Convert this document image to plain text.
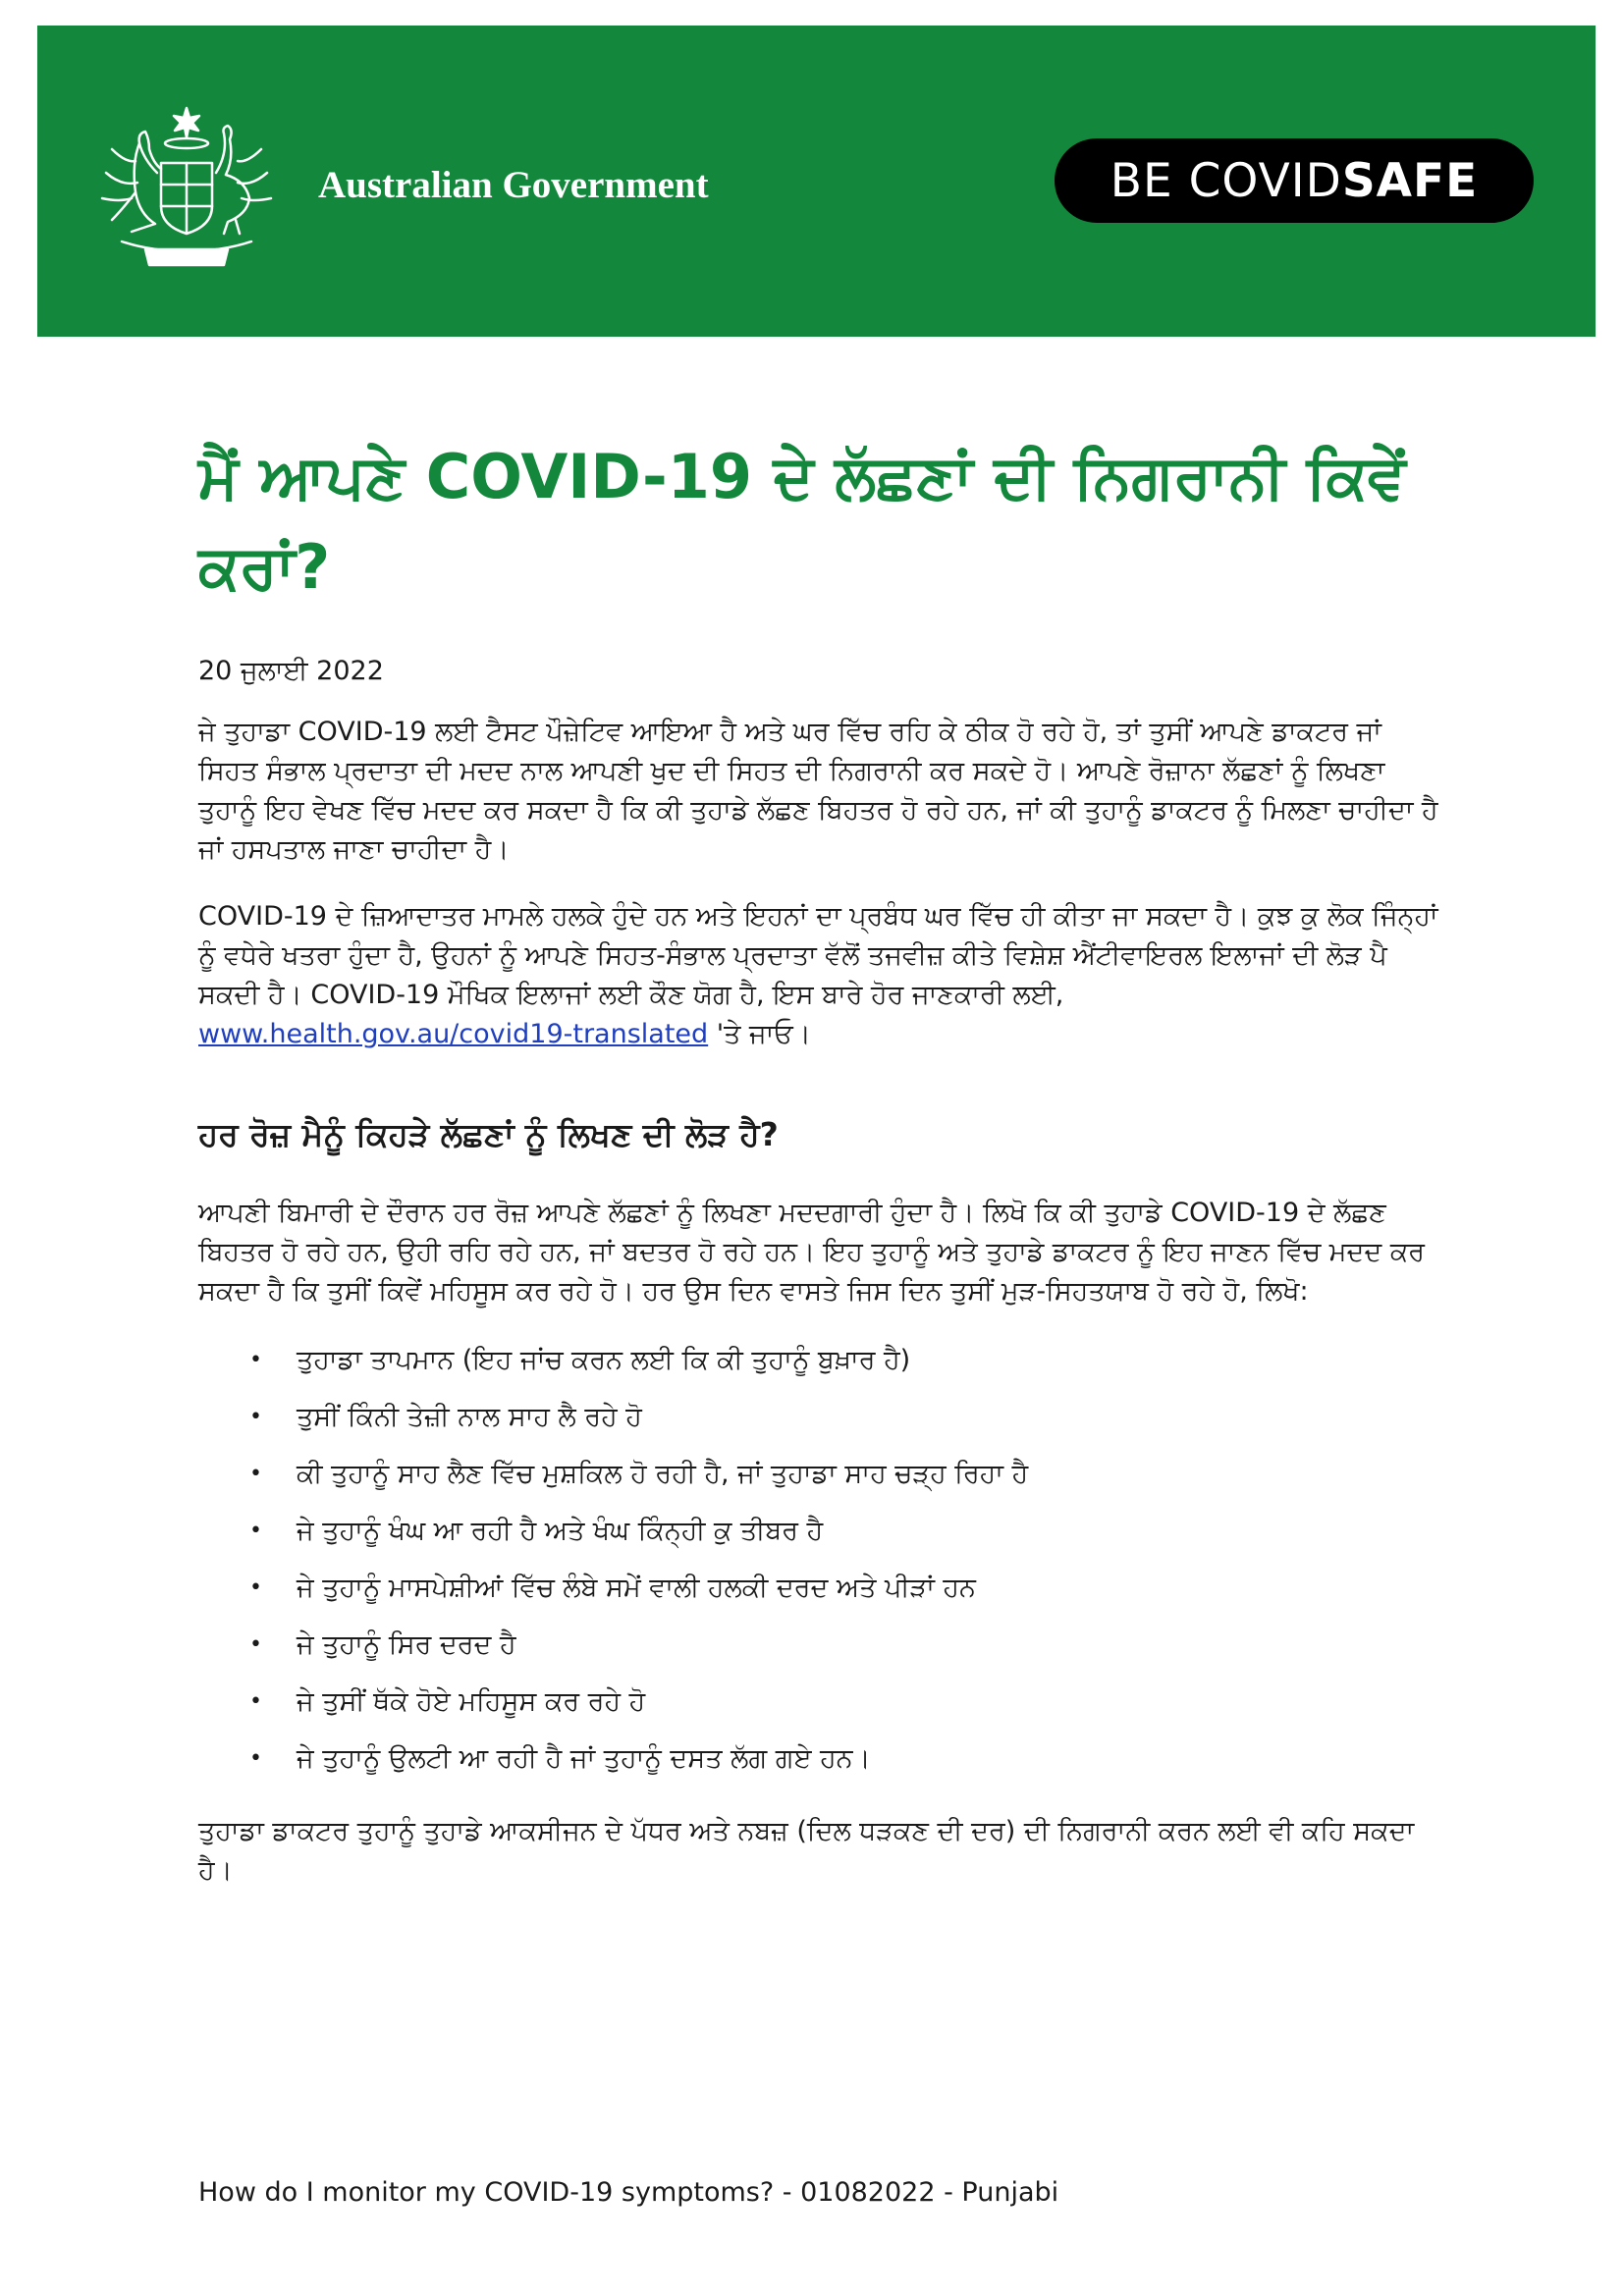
Australian Government	BE COVID SAFE
ਮੈਂ ਆਪਣੇ COVID-19 ਦੇ ਲੱਛਣਾਂ ਦੀ ਨਿਗਰਾਨੀ ਕਿਵੇਂ ਕਰਾਂ?
20 ਜੁਲਾਈ 2022

ਜੇ ਤੁਹਾਡਾ COVID-19 ਲਈ ਟੈਸਟ ਪੌਜ਼ੇਟਿਵ ਆਇਆ ਹੈ ਅਤੇ ਘਰ ਵਿੱਚ ਰਹਿ ਕੇ ਠੀਕ ਹੋ ਰਹੇ ਹੋ, ਤਾਂ ਤੁਸੀਂ ਆਪਣੇ ਡਾਕਟਰ ਜਾਂ ਸਿਹਤ ਸੰਭਾਲ ਪ੍ਰਦਾਤਾ ਦੀ ਮਦਦ ਨਾਲ ਆਪਣੀ ਖੁਦ ਦੀ ਸਿਹਤ ਦੀ ਨਿਗਰਾਨੀ ਕਰ ਸਕਦੇ ਹੋ। ਆਪਣੇ ਰੋਜ਼ਾਨਾ ਲੱਛਣਾਂ ਨੂੰ ਲਿਖਣਾ ਤੁਹਾਨੂੰ ਇਹ ਵੇਖਣ ਵਿੱਚ ਮਦਦ ਕਰ ਸਕਦਾ ਹੈ ਕਿ ਕੀ ਤੁਹਾਡੇ ਲੱਛਣ ਬਿਹਤਰ ਹੋ ਰਹੇ ਹਨ, ਜਾਂ ਕੀ ਤੁਹਾਨੂੰ ਡਾਕਟਰ ਨੂੰ ਮਿਲਣਾ ਚਾਹੀਦਾ ਹੈ ਜਾਂ ਹਸਪਤਾਲ ਜਾਣਾ ਚਾਹੀਦਾ ਹੈ।

COVID-19 ਦੇ ਜ਼ਿਆਦਾਤਰ ਮਾਮਲੇ ਹਲਕੇ ਹੁੰਦੇ ਹਨ ਅਤੇ ਇਹਨਾਂ ਦਾ ਪ੍ਰਬੰਧ ਘਰ ਵਿੱਚ ਹੀ ਕੀਤਾ ਜਾ ਸਕਦਾ ਹੈ। ਕੁਝ ਕੁ ਲੋਕ ਜਿੰਨ੍ਹਾਂ ਨੂੰ ਵਧੇਰੇ ਖਤਰਾ ਹੁੰਦਾ ਹੈ, ਉਹਨਾਂ ਨੂੰ ਆਪਣੇ ਸਿਹਤ-ਸੰਭਾਲ ਪ੍ਰਦਾਤਾ ਵੱਲੋਂ ਤਜਵੀਜ਼ ਕੀਤੇ ਵਿਸ਼ੇਸ਼ ਐਂਟੀਵਾਇਰਲ ਇਲਾਜਾਂ ਦੀ ਲੋੜ ਪੈ ਸਕਦੀ ਹੈ। COVID-19 ਮੌਖਿਕ ਇਲਾਜਾਂ ਲਈ ਕੌਣ ਯੋਗ ਹੈ, ਇਸ ਬਾਰੇ ਹੋਰ ਜਾਣਕਾਰੀ ਲਈ, www.health.gov.au/covid19-translated 'ਤੇ ਜਾਓ।

ਹਰ ਰੋਜ਼ ਮੈਨੂੰ ਕਿਹੜੇ ਲੱਛਣਾਂ ਨੂੰ ਲਿਖਣ ਦੀ ਲੋੜ ਹੈ?

ਆਪਣੀ ਬਿਮਾਰੀ ਦੇ ਦੌਰਾਨ ਹਰ ਰੋਜ਼ ਆਪਣੇ ਲੱਛਣਾਂ ਨੂੰ ਲਿਖਣਾ ਮਦਦਗਾਰੀ ਹੁੰਦਾ ਹੈ। ਲਿਖੋ ਕਿ ਕੀ ਤੁਹਾਡੇ COVID-19 ਦੇ ਲੱਛਣ ਬਿਹਤਰ ਹੋ ਰਹੇ ਹਨ, ਉਹੀ ਰਹਿ ਰਹੇ ਹਨ, ਜਾਂ ਬਦਤਰ ਹੋ ਰਹੇ ਹਨ। ਇਹ ਤੁਹਾਨੂੰ ਅਤੇ ਤੁਹਾਡੇ ਡਾਕਟਰ ਨੂੰ ਇਹ ਜਾਣਨ ਵਿੱਚ ਮਦਦ ਕਰ ਸਕਦਾ ਹੈ ਕਿ ਤੁਸੀਂ ਕਿਵੇਂ ਮਹਿਸੂਸ ਕਰ ਰਹੇ ਹੋ। ਹਰ ਉਸ ਦਿਨ ਵਾਸਤੇ ਜਿਸ ਦਿਨ ਤੁਸੀਂ ਮੁੜ-ਸਿਹਤਯਾਬ ਹੋ ਰਹੇ ਹੋ, ਲਿਖੋ:

• ਤੁਹਾਡਾ ਤਾਪਮਾਨ (ਇਹ ਜਾਂਚ ਕਰਨ ਲਈ ਕਿ ਕੀ ਤੁਹਾਨੂੰ ਬੁਖ਼ਾਰ ਹੈ)
• ਤੁਸੀਂ ਕਿੰਨੀ ਤੇਜ਼ੀ ਨਾਲ ਸਾਹ ਲੈ ਰਹੇ ਹੋ
• ਕੀ ਤੁਹਾਨੂੰ ਸਾਹ ਲੈਣ ਵਿੱਚ ਮੁਸ਼ਕਿਲ ਹੋ ਰਹੀ ਹੈ, ਜਾਂ ਤੁਹਾਡਾ ਸਾਹ ਚੜ੍ਹ ਰਿਹਾ ਹੈ
• ਜੇ ਤੁਹਾਨੂੰ ਖੰਘ ਆ ਰਹੀ ਹੈ ਅਤੇ ਖੰਘ ਕਿੰਨ੍ਹੀ ਕੁ ਤੀਬਰ ਹੈ
• ਜੇ ਤੁਹਾਨੂੰ ਮਾਸਪੇਸ਼ੀਆਂ ਵਿੱਚ ਲੰਬੇ ਸਮੇਂ ਵਾਲੀ ਹਲਕੀ ਦਰਦ ਅਤੇ ਪੀੜਾਂ ਹਨ
• ਜੇ ਤੁਹਾਨੂੰ ਸਿਰ ਦਰਦ ਹੈ
• ਜੇ ਤੁਸੀਂ ਥੱਕੇ ਹੋਏ ਮਹਿਸੂਸ ਕਰ ਰਹੇ ਹੋ
• ਜੇ ਤੁਹਾਨੂੰ ਉਲਟੀ ਆ ਰਹੀ ਹੈ ਜਾਂ ਤੁਹਾਨੂੰ ਦਸਤ ਲੱਗ ਗਏ ਹਨ।

ਤੁਹਾਡਾ ਡਾਕਟਰ ਤੁਹਾਨੂੰ ਤੁਹਾਡੇ ਆਕਸੀਜਨ ਦੇ ਪੱਧਰ ਅਤੇ ਨਬਜ਼ (ਦਿਲ ਧੜਕਣ ਦੀ ਦਰ) ਦੀ ਨਿਗਰਾਨੀ ਕਰਨ ਲਈ ਵੀ ਕਹਿ ਸਕਦਾ ਹੈ।

How do I monitor my COVID-19 symptoms? - 01082022 - Punjabi
